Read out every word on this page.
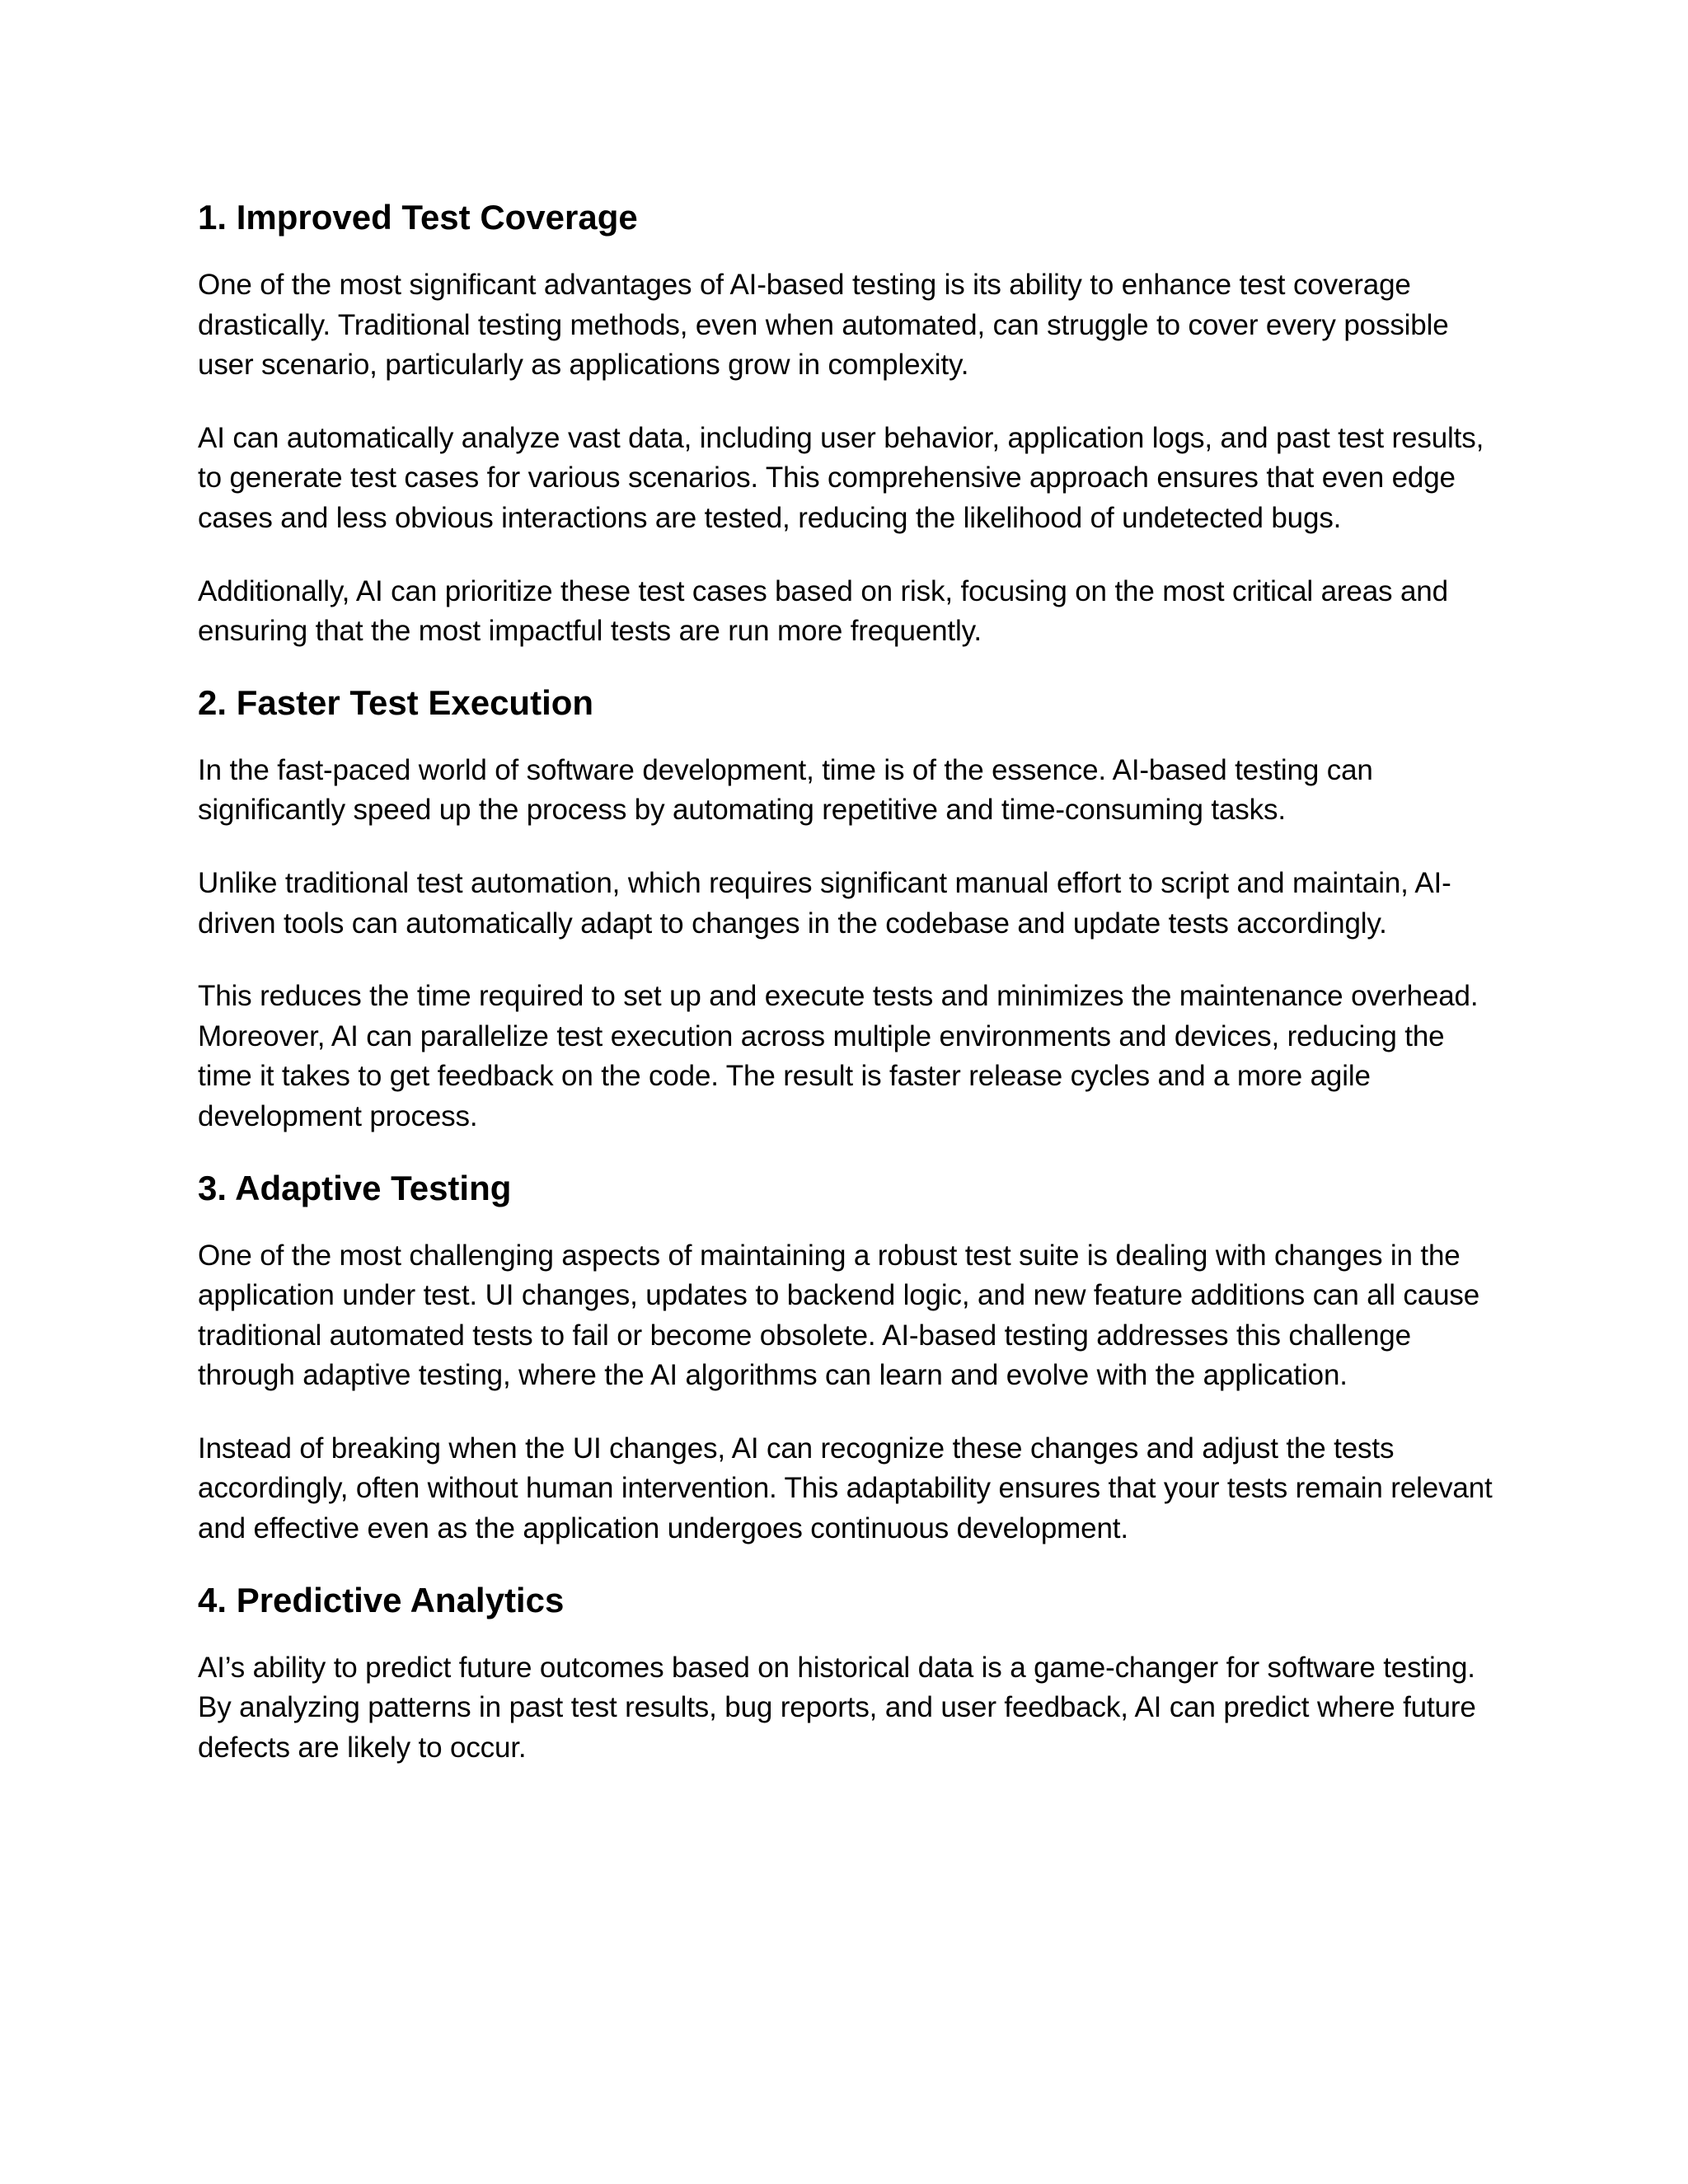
1. Improved Test Coverage

One of the most significant advantages of AI-based testing is its ability to enhance test coverage drastically. Traditional testing methods, even when automated, can struggle to cover every possible user scenario, particularly as applications grow in complexity.

AI can automatically analyze vast data, including user behavior, application logs, and past test results, to generate test cases for various scenarios. This comprehensive approach ensures that even edge cases and less obvious interactions are tested, reducing the likelihood of undetected bugs.

Additionally, AI can prioritize these test cases based on risk, focusing on the most critical areas and ensuring that the most impactful tests are run more frequently.

2. Faster Test Execution

In the fast-paced world of software development, time is of the essence. AI-based testing can significantly speed up the process by automating repetitive and time-consuming tasks.

Unlike traditional test automation, which requires significant manual effort to script and maintain, AI-driven tools can automatically adapt to changes in the codebase and update tests accordingly.

This reduces the time required to set up and execute tests and minimizes the maintenance overhead. Moreover, AI can parallelize test execution across multiple environments and devices, reducing the time it takes to get feedback on the code. The result is faster release cycles and a more agile development process.

3. Adaptive Testing

One of the most challenging aspects of maintaining a robust test suite is dealing with changes in the application under test. UI changes, updates to backend logic, and new feature additions can all cause traditional automated tests to fail or become obsolete. AI-based testing addresses this challenge through adaptive testing, where the AI algorithms can learn and evolve with the application.

Instead of breaking when the UI changes, AI can recognize these changes and adjust the tests accordingly, often without human intervention. This adaptability ensures that your tests remain relevant and effective even as the application undergoes continuous development.

4. Predictive Analytics

AI’s ability to predict future outcomes based on historical data is a game-changer for software testing. By analyzing patterns in past test results, bug reports, and user feedback, AI can predict where future defects are likely to occur.
